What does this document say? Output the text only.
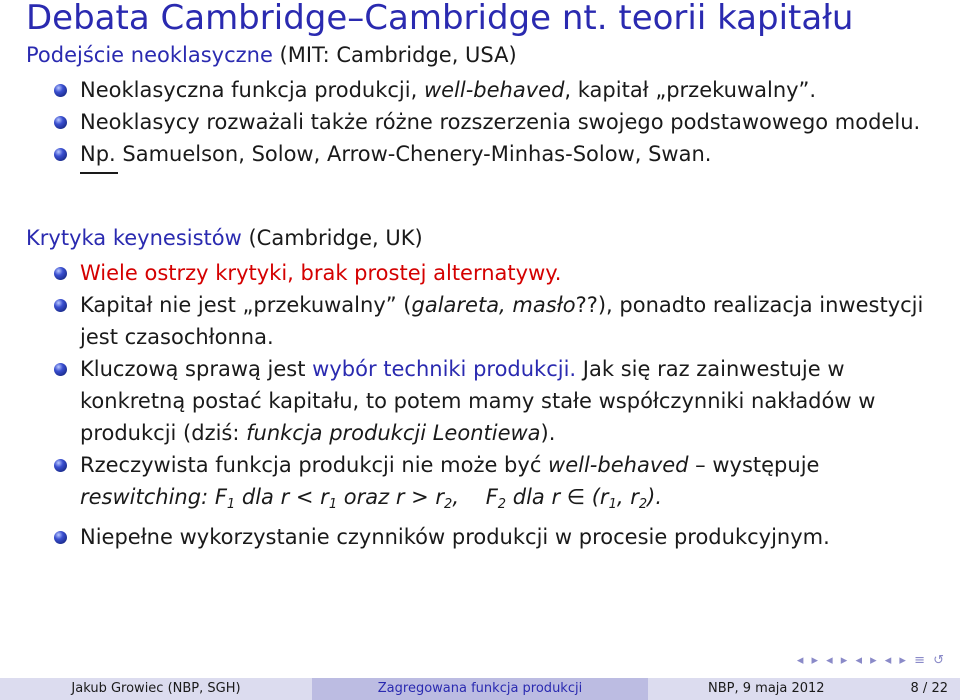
Debata Cambridge–Cambridge nt. teorii kapitału
Podejście neoklasyczne (MIT: Cambridge, USA)
Neoklasyczna funkcja produkcji, well-behaved, kapitał „przekuwalny”.
Neoklasycy rozważali także różne rozszerzenia swojego podstawowego modelu.
Np. Samuelson, Solow, Arrow-Chenery-Minhas-Solow, Swan.
Krytyka keynesistów (Cambridge, UK)
Wiele ostrzy krytyki, brak prostej alternatywy.
Kapitał nie jest „przekuwalny” (galareta, masło??), ponadto realizacja inwestycji jest czasochłonna.
Kluczową sprawą jest wybór techniki produkcji. Jak się raz zainwestuje w konkretną postać kapitału, to potem mamy stałe współczynniki nakładów w produkcji (dziś: funkcja produkcji Leontiewa).
Rzeczywista funkcja produkcji nie może być well-behaved – występuje reswitching: $F_1$ dla $r < r_1$ oraz $r > r_2$,    $F_2$ dla r ∈ ($r_1$, $r_2$).
Niepełne wykorzystanie czynników produkcji w procesie produkcyjnym.
◂ ▸ ◂ ▸ ◂ ▸ ◂ ▸ ≡ ↺
Jakub Growiec (NBP, SGH)	Zagregowana funkcja produkcji	NBP, 9 maja 2012	8 / 22
